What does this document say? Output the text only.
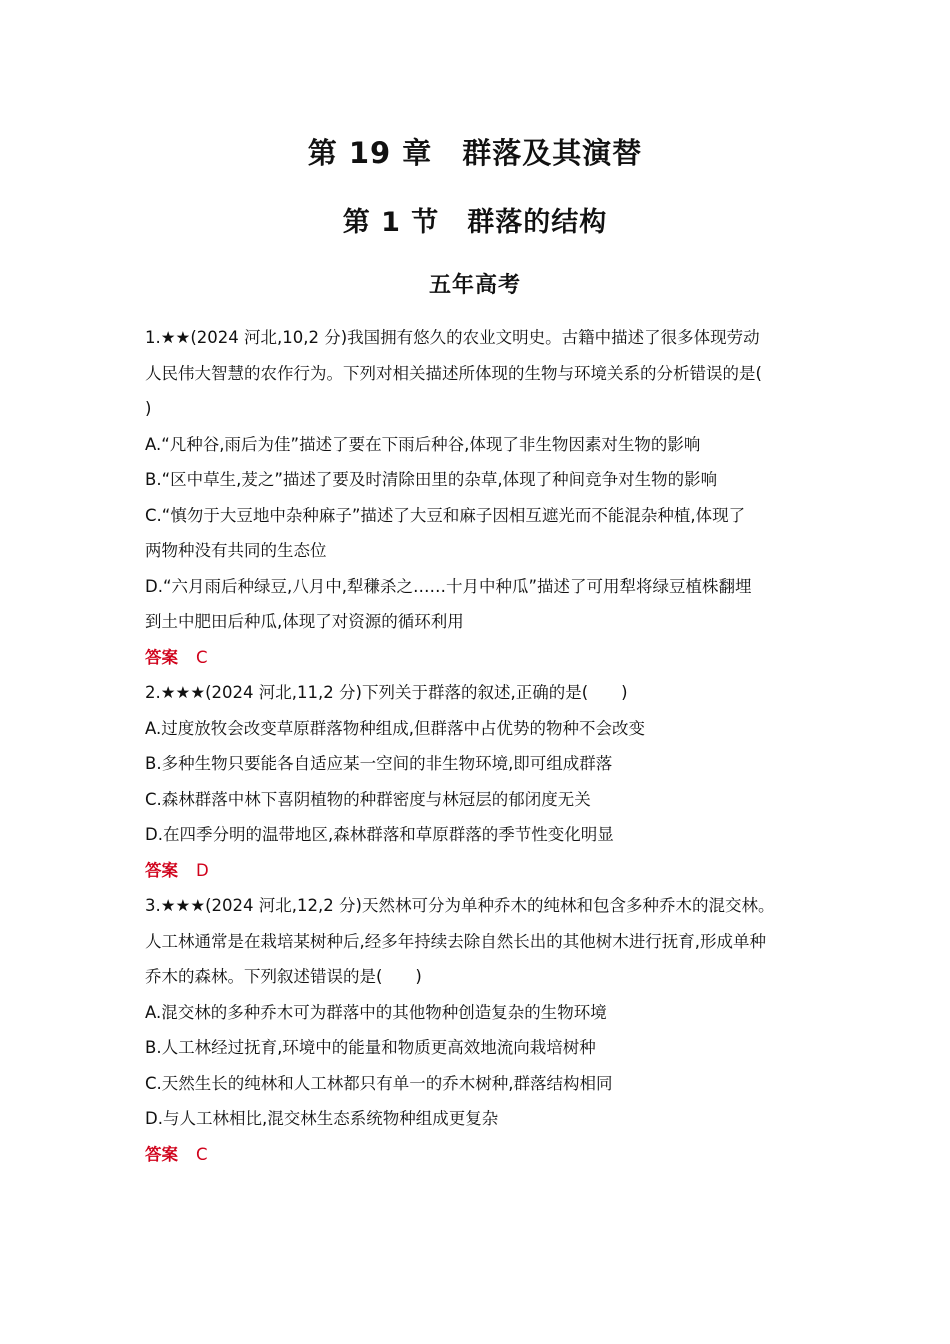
第 19 章　群落及其演替
第 1 节　群落的结构
五年高考
1.★★(2024 河北,10,2 分)我国拥有悠久的农业文明史。古籍中描述了很多体现劳动
人民伟大智慧的农作行为。下列对相关描述所体现的生物与环境关系的分析错误的是(
)
A.“凡种谷,雨后为佳”描述了要在下雨后种谷,体现了非生物因素对生物的影响
B.“区中草生,茇之”描述了要及时清除田里的杂草,体现了种间竞争对生物的影响
C.“慎勿于大豆地中杂种麻子”描述了大豆和麻子因相互遮光而不能混杂种植,体现了
两物种没有共同的生态位
D.“六月雨后种绿豆,八月中,犁稴杀之……十月中种瓜”描述了可用犁将绿豆植株翻埋
到土中肥田后种瓜,体现了对资源的循环利用
答案 C
2.★★★(2024 河北,11,2 分)下列关于群落的叙述,正确的是(　　)
A.过度放牧会改变草原群落物种组成,但群落中占优势的物种不会改变
B.多种生物只要能各自适应某一空间的非生物环境,即可组成群落
C.森林群落中林下喜阴植物的种群密度与林冠层的郁闭度无关
D.在四季分明的温带地区,森林群落和草原群落的季节性变化明显
答案 D
3.★★★(2024 河北,12,2 分)天然林可分为单种乔木的纯林和包含多种乔木的混交林。
人工林通常是在栽培某树种后,经多年持续去除自然长出的其他树木进行抚育,形成单种
乔木的森林。下列叙述错误的是(　　)
A.混交林的多种乔木可为群落中的其他物种创造复杂的生物环境
B.人工林经过抚育,环境中的能量和物质更高效地流向栽培树种
C.天然生长的纯林和人工林都只有单一的乔木树种,群落结构相同
D.与人工林相比,混交林生态系统物种组成更复杂
答案 C
